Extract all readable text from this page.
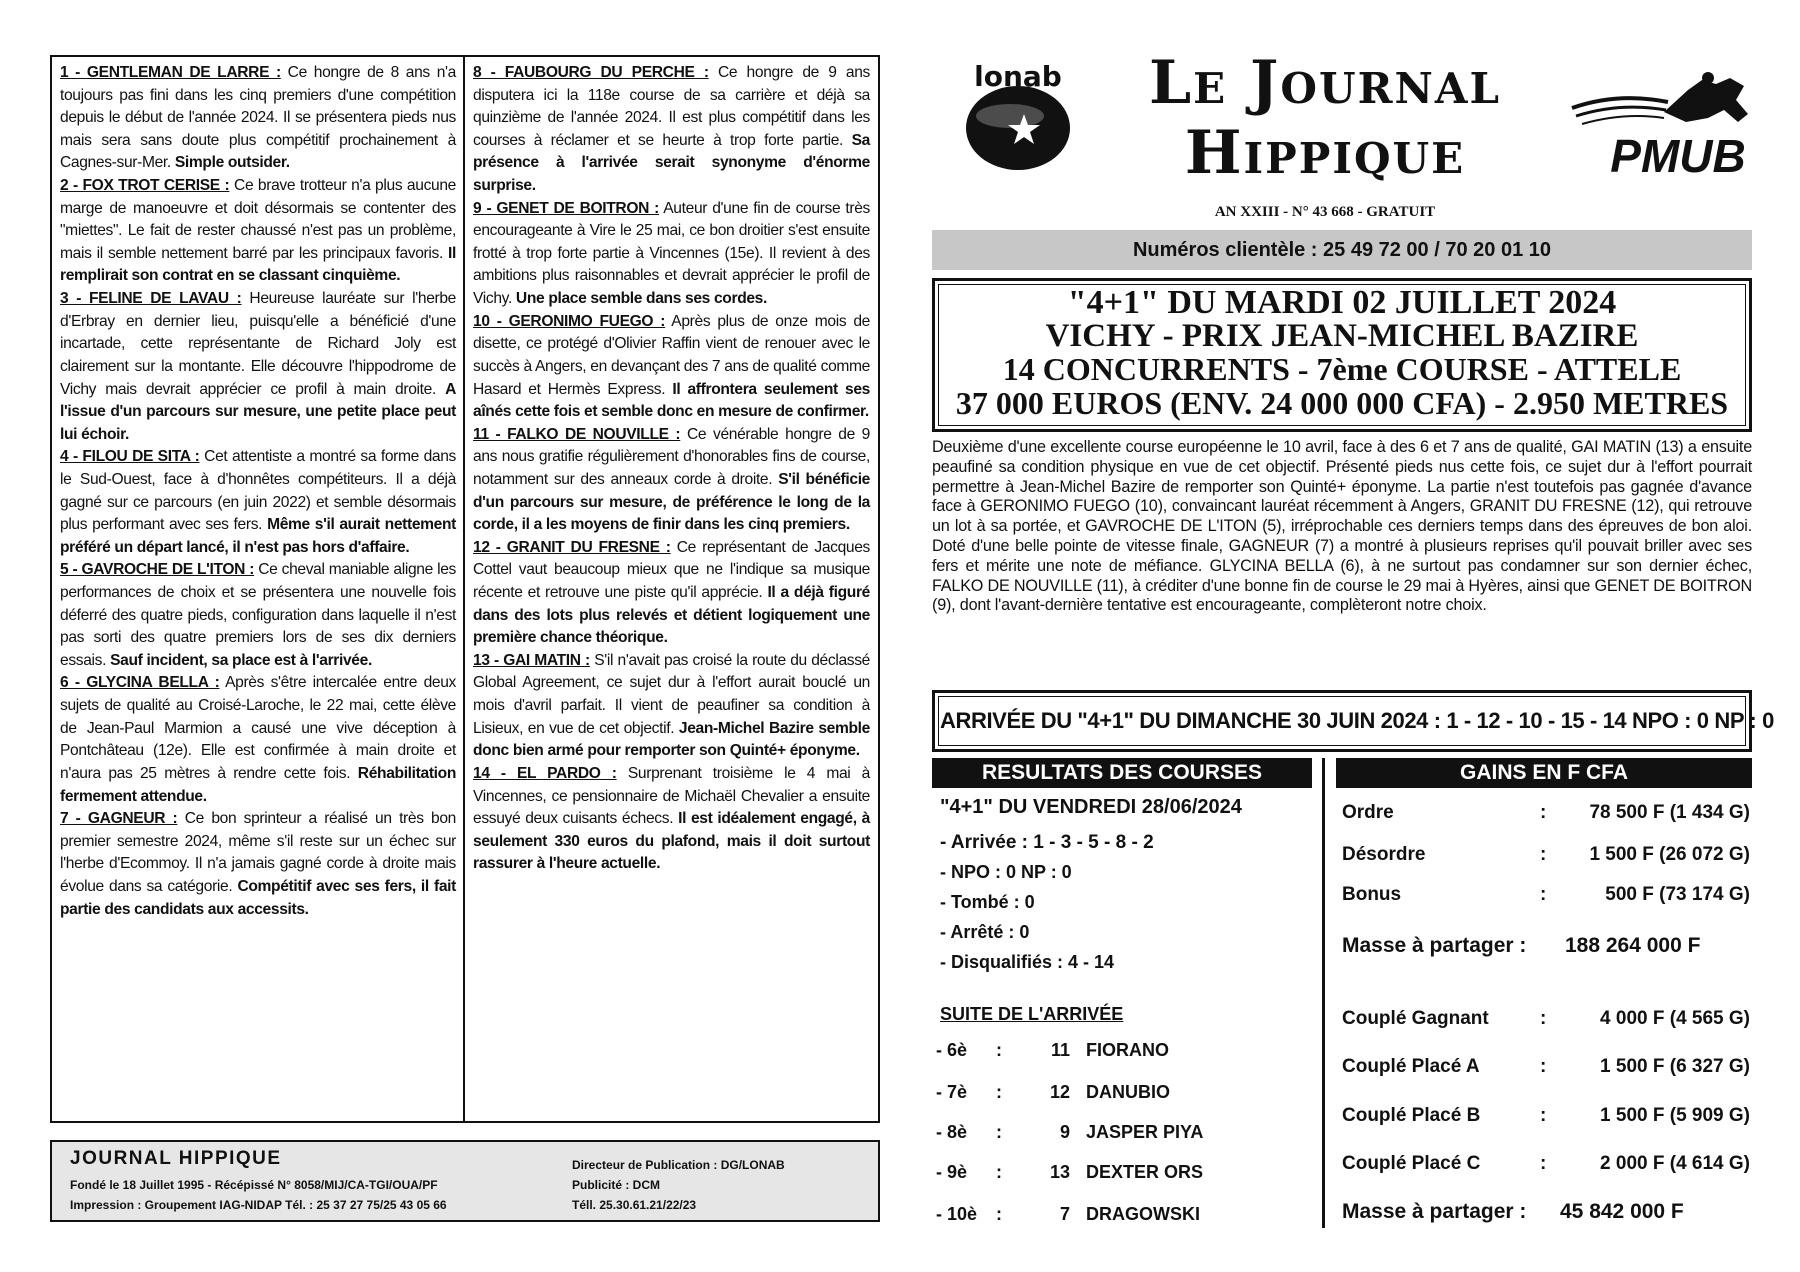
1 - GENTLEMAN DE LARRE : Ce hongre de 8 ans n'a toujours pas fini dans les cinq premiers d'une compétition depuis le début de l'année 2024. Il se présentera pieds nus mais sera sans doute plus compétitif prochainement à Cagnes-sur-Mer. Simple outsider.

2 - FOX TROT CERISE : Ce brave trotteur n'a plus aucune marge de manoeuvre et doit désormais se contenter des "miettes". Le fait de rester chaussé n'est pas un problème, mais il semble nettement barré par les principaux favoris. Il remplirait son contrat en se classant cinquième.

3 - FELINE DE LAVAU : Heureuse lauréate sur l'herbe d'Erbray en dernier lieu, puisqu'elle a bénéficié d'une incartade, cette représentante de Richard Joly est clairement sur la montante. Elle découvre l'hippodrome de Vichy mais devrait apprécier ce profil à main droite. A l'issue d'un parcours sur mesure, une petite place peut lui échoir.

4 - FILOU DE SITA : Cet attentiste a montré sa forme dans le Sud-Ouest, face à d'honnêtes compétiteurs. Il a déjà gagné sur ce parcours (en juin 2022) et semble désormais plus performant avec ses fers. Même s'il aurait nettement préféré un départ lancé, il n'est pas hors d'affaire.

5 - GAVROCHE DE L'ITON : Ce cheval maniable aligne les performances de choix et se présentera une nouvelle fois déferré des quatre pieds, configuration dans laquelle il n'est pas sorti des quatre premiers lors de ses dix derniers essais. Sauf incident, sa place est à l'arrivée.

6 - GLYCINA BELLA : Après s'être intercalée entre deux sujets de qualité au Croisé-Laroche, le 22 mai, cette élève de Jean-Paul Marmion a causé une vive déception à Pontchâteau (12e). Elle est confirmée à main droite et n'aura pas 25 mètres à rendre cette fois. Réhabilitation fermement attendue.

7 - GAGNEUR : Ce bon sprinteur a réalisé un très bon premier semestre 2024, même s'il reste sur un échec sur l'herbe d'Ecommoy. Il n'a jamais gagné corde à droite mais évolue dans sa catégorie. Compétitif avec ses fers, il fait partie des candidats aux accessits.

8 - FAUBOURG DU PERCHE : Ce hongre de 9 ans disputera ici la 118e course de sa carrière et déjà sa quinzième de l'année 2024. Il est plus compétitif dans les courses à réclamer et se heurte à trop forte partie. Sa présence à l'arrivée serait synonyme d'énorme surprise.

9 - GENET DE BOITRON : Auteur d'une fin de course très encourageante à Vire le 25 mai, ce bon droitier s'est ensuite frotté à trop forte partie à Vincennes (15e). Il revient à des ambitions plus raisonnables et devrait apprécier le profil de Vichy. Une place semble dans ses cordes.

10 - GERONIMO FUEGO : Après plus de onze mois de disette, ce protégé d'Olivier Raffin vient de renouer avec le succès à Angers, en devançant des 7 ans de qualité comme Hasard et Hermès Express. Il affrontera seulement ses aînés cette fois et semble donc en mesure de confirmer.

11 - FALKO DE NOUVILLE : Ce vénérable hongre de 9 ans nous gratifie régulièrement d'honorables fins de course, notamment sur des anneaux corde à droite. S'il bénéficie d'un parcours sur mesure, de préférence le long de la corde, il a les moyens de finir dans les cinq premiers.

12 - GRANIT DU FRESNE : Ce représentant de Jacques Cottel vaut beaucoup mieux que ne l'indique sa musique récente et retrouve une piste qu'il apprécie. Il a déjà figuré dans des lots plus relevés et détient logiquement une première chance théorique.

13 - GAI MATIN : S'il n'avait pas croisé la route du déclassé Global Agreement, ce sujet dur à l'effort aurait bouclé un mois d'avril parfait. Il vient de peaufiner sa condition à Lisieux, en vue de cet objectif. Jean-Michel Bazire semble donc bien armé pour remporter son Quinté+ éponyme.

14 - EL PARDO : Surprenant troisième le 4 mai à Vincennes, ce pensionnaire de Michaël Chevalier a ensuite essuyé deux cuisants échecs. Il est idéalement engagé, à seulement 330 euros du plafond, mais il doit surtout rassurer à l'heure actuelle.

JOURNAL HIPPIQUE
Fondé le 18 Juillet 1995 - Récépissé N° 8058/MIJ/CA-TGI/OUA/PF
Impression : Groupement IAG-NIDAP Tél. : 25 37 27 75/25 43 05 66
Directeur de Publication : DG/LONAB
Publicité : DCM
Téll. 25.30.61.21/22/23
lonab	Le Journal
Hippique	PMUB
AN XXIII - N° 43 668 - GRATUIT
Numéros clientèle : 25 49 72 00 / 70 20 01 10
"4+1" DU MARDI 02 JUILLET 2024
VICHY - PRIX JEAN-MICHEL BAZIRE
14 CONCURRENTS - 7ème COURSE - ATTELE
37 000 EUROS (ENV. 24 000 000 CFA) - 2.950 METRES
Deuxième d'une excellente course européenne le 10 avril, face à des 6 et 7 ans de qualité, GAI MATIN (13) a ensuite peaufiné sa condition physique en vue de cet objectif. Présenté pieds nus cette fois, ce sujet dur à l'effort pourrait permettre à Jean-Michel Bazire de remporter son Quinté+ éponyme. La partie n'est toutefois pas gagnée d'avance face à GERONIMO FUEGO (10), convaincant lauréat récemment à Angers, GRANIT DU FRESNE (12), qui retrouve un lot à sa portée, et GAVROCHE DE L'ITON (5), irréprochable ces derniers temps dans des épreuves de bon aloi. Doté d'une belle pointe de vitesse finale, GAGNEUR (7) a montré à plusieurs reprises qu'il pouvait briller avec ses fers et mérite une note de méfiance. GLYCINA BELLA (6), à ne surtout pas condamner sur son dernier échec, FALKO DE NOUVILLE (11), à créditer d'une bonne fin de course le 29 mai à Hyères, ainsi que GENET DE BOITRON (9), dont l'avant-dernière tentative est encourageante, complèteront notre choix.
ARRIVÉE DU "4+1" DU DIMANCHE 30 JUIN 2024 : 1 - 12 - 10 - 15 - 14 NPO : 0 NP : 0
RESULTATS DES COURSES	GAINS EN F CFA
"4+1" DU VENDREDI 28/06/2024
- Arrivée : 1 - 3 - 5 - 8 - 2
- NPO : 0 NP : 0
- Tombé : 0
- Arrêté : 0
- Disqualifiés : 4 - 14
SUITE DE L'ARRIVÉE
- 6è :	11 FIORANO
- 7è :	12 DANUBIO
- 8è :	9 JASPER PIYA
- 9è :	13 DEXTER ORS
- 10è :	7 DRAGOWSKI
Ordre	:	78 500 F (1 434 G)
Désordre	:	1 500 F (26 072 G)
Bonus	:	500 F (73 174 G)
Masse à partager : 188 264 000 F
Couplé Gagnant	:	4 000 F (4 565 G)
Couplé Placé A	:	1 500 F (6 327 G)
Couplé Placé B	:	1 500 F (5 909 G)
Couplé Placé C	:	2 000 F (4 614 G)
Masse à partager : 45 842 000 F
